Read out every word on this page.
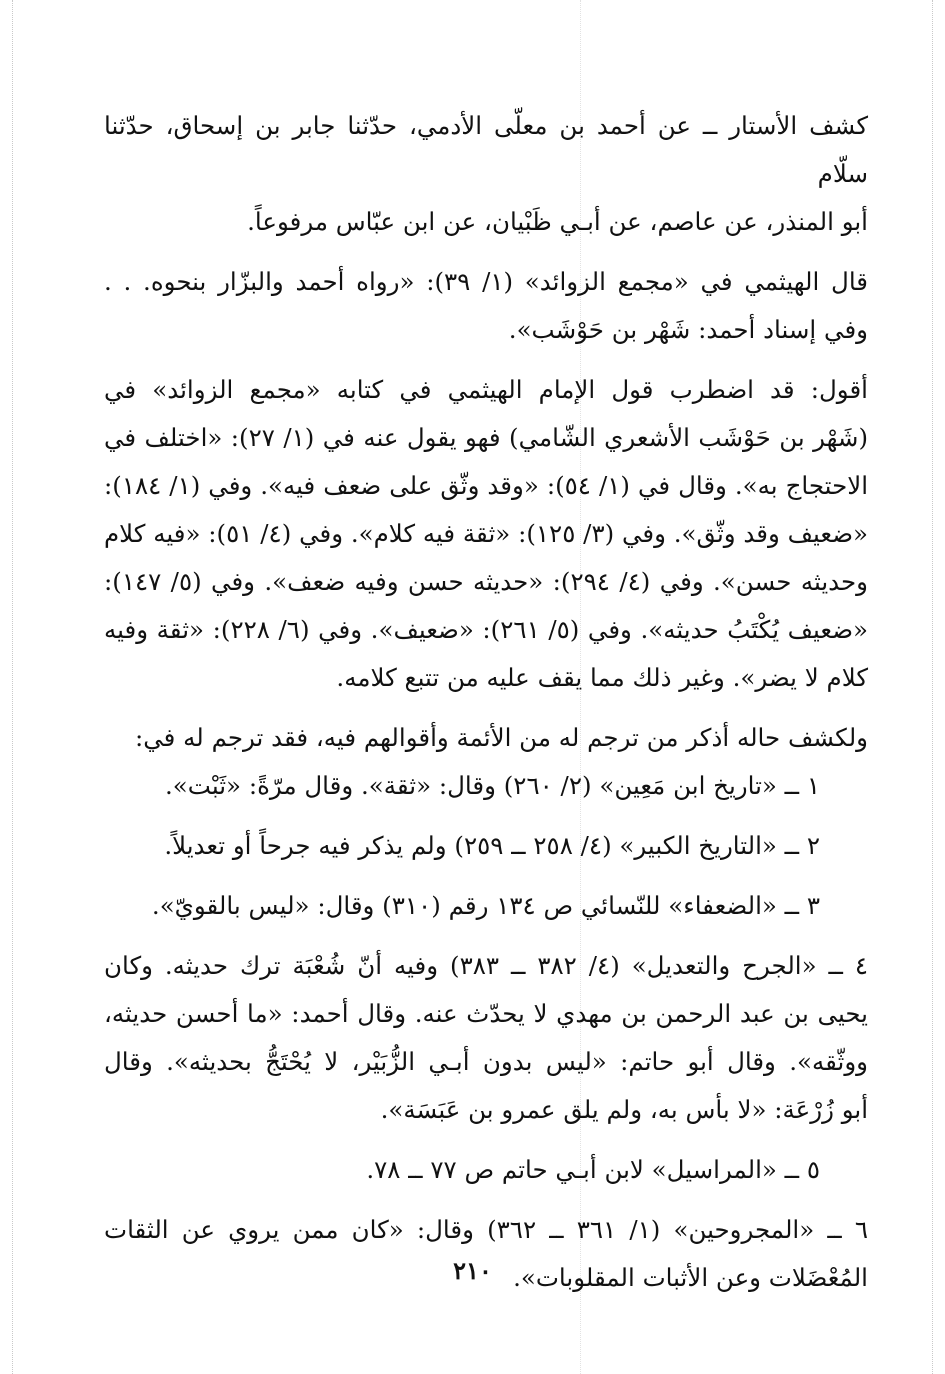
كشف الأستار ــ عن أحمد بن معلّى الأدمي، حدّثنا جابر بن إسحاق، حدّثنا سلّام
أبو المنذر، عن عاصم، عن أبـي ظَبْيان، عن ابن عبّاس مرفوعاً.
قال الهيثمي في «مجمع الزوائد» (١/ ٣٩): «رواه أحمد والبزّار بنحوه. . .
وفي إسناد أحمد: شَهْر بن حَوْشَب».
أقول: قد اضطرب قول الإمام الهيثمي في كتابه «مجمع الزوائد» في
(شَهْر بن حَوْشَب الأشعري الشّامي) فهو يقول عنه في (١/ ٢٧): «اختلف في
الاحتجاج به». وقال في (١/ ٥٤): «وقد وثّق على ضعف فيه». وفي (١/ ١٨٤):
«ضعيف وقد وثّق». وفي (٣/ ١٢٥): «ثقة فيه كلام». وفي (٤/ ٥١): «فيه كلام
وحديثه حسن». وفي (٤/ ٢٩٤): «حديثه حسن وفيه ضعف». وفي (٥/ ١٤٧):
«ضعيف يُكْتَبُ حديثه». وفي (٥/ ٢٦١): «ضعيف». وفي (٦/ ٢٢٨): «ثقة وفيه
كلام لا يضر». وغير ذلك مما يقف عليه من تتبع كلامه.
ولكشف حاله أذكر من ترجم له من الأئمة وأقوالهم فيه، فقد ترجم له في:
١ ــ «تاريخ ابن مَعِين» (٢/ ٢٦٠) وقال: «ثقة». وقال مرّةً: «ثَبْت».
٢ ــ «التاريخ الكبير» (٤/ ٢٥٨ ــ ٢٥٩) ولم يذكر فيه جرحاً أو تعديلاً.
٣ ــ «الضعفاء» للنّسائي ص ١٣٤ رقم (٣١٠) وقال: «ليس بالقويّ».
٤ ــ «الجرح والتعديل» (٤/ ٣٨٢ ــ ٣٨٣) وفيه أنّ شُعْبَة ترك حديثه. وكان
يحيى بن عبد الرحمن بن مهدي لا يحدّث عنه. وقال أحمد: «ما أحسن حديثه،
ووثّقه». وقال أبو حاتم: «ليس بدون أبـي الزُّبَيْر، لا يُحْتَجُّ بحديثه». وقال
أبو زُرْعَة: «لا بأس به، ولم يلق عمرو بن عَبَسَة».
٥ ــ «المراسيل» لابن أبـي حاتم ص ٧٧ ــ ٧٨.
٦ ــ «المجروحين» (١/ ٣٦١ ــ ٣٦٢) وقال: «كان ممن يروي عن الثقات
المُعْضَلات وعن الأثبات المقلوبات».
٢١٠
